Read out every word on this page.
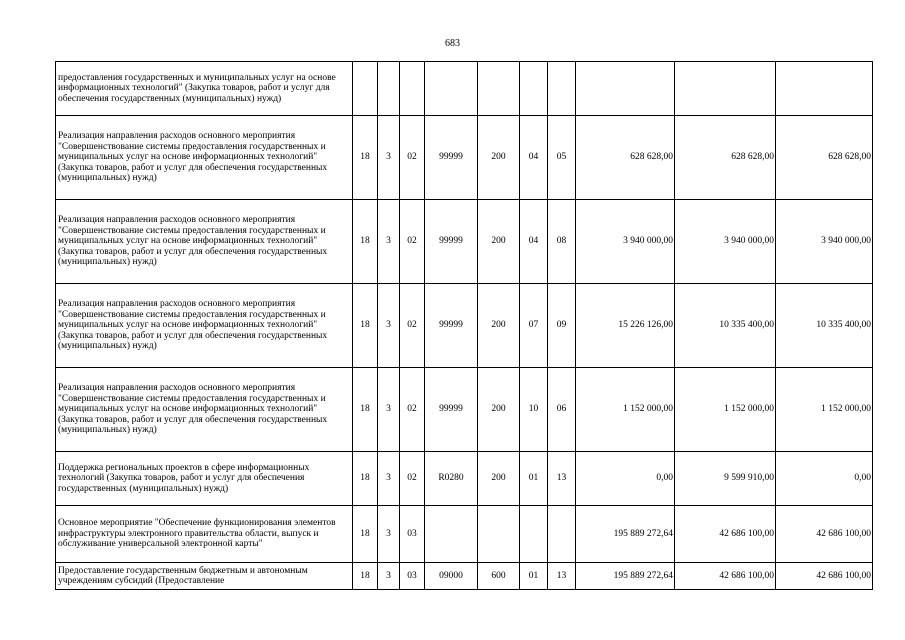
683
предоставления государственных и муниципальных услуг на основе информационных технологий" (Закупка товаров, работ и услуг для обеспечения государственных (муниципальных) нужд)										
Реализация направления расходов основного мероприятия "Совершенствование системы предоставления государственных и муниципальных услуг на основе информационных технологий" (Закупка товаров, работ и услуг для обеспечения государственных (муниципальных) нужд)	18	3	02	99999	200	04	05	628 628,00	628 628,00	628 628,00
Реализация направления расходов основного мероприятия "Совершенствование системы предоставления государственных и муниципальных услуг на основе информационных технологий" (Закупка товаров, работ и услуг для обеспечения государственных (муниципальных) нужд)	18	3	02	99999	200	04	08	3 940 000,00	3 940 000,00	3 940 000,00
Реализация направления расходов основного мероприятия "Совершенствование системы предоставления государственных и муниципальных услуг на основе информационных технологий" (Закупка товаров, работ и услуг для обеспечения государственных (муниципальных) нужд)	18	3	02	99999	200	07	09	15 226 126,00	10 335 400,00	10 335 400,00
Реализация направления расходов основного мероприятия "Совершенствование системы предоставления государственных и муниципальных услуг на основе информационных технологий" (Закупка товаров, работ и услуг для обеспечения государственных (муниципальных) нужд)	18	3	02	99999	200	10	06	1 152 000,00	1 152 000,00	1 152 000,00
Поддержка региональных проектов в сфере информационных технологий (Закупка товаров, работ и услуг для обеспечения государственных (муниципальных) нужд)	18	3	02	R0280	200	01	13	0,00	9 599 910,00	0,00
Основное мероприятие "Обеспечение функционирования элементов инфраструктуры электронного правительства области, выпуск и обслуживание универсальной электронной карты"	18	3	03					195 889 272,64	42 686 100,00	42 686 100,00
Предоставление государственным бюджетным и автономным учреждениям субсидий (Предоставление	18	3	03	09000	600	01	13	195 889 272,64	42 686 100,00	42 686 100,00
